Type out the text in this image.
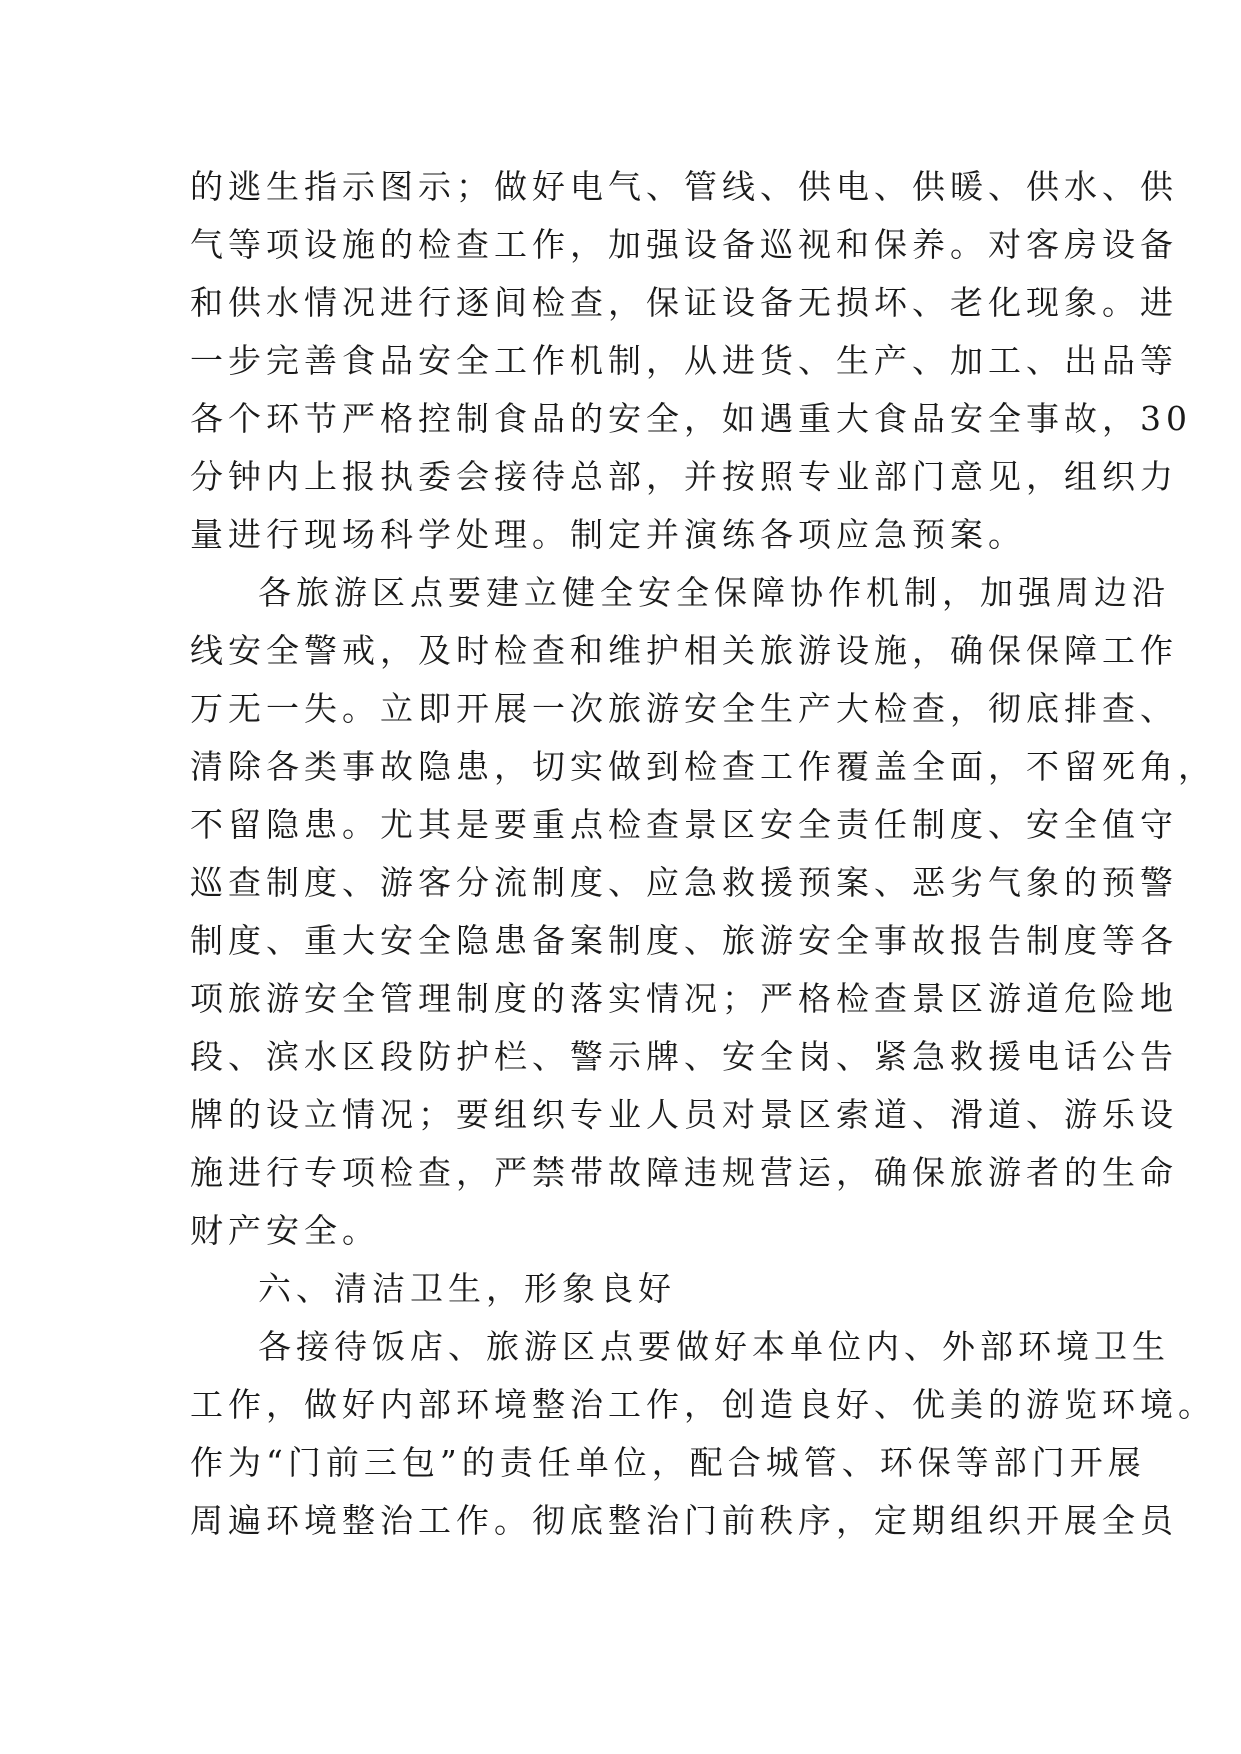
的逃生指示图示；做好电气、管线、供电、供暖、供水、供
气等项设施的检查工作，加强设备巡视和保养。对客房设备
和供水情况进行逐间检查，保证设备无损坏、老化现象。进
一步完善食品安全工作机制，从进货、生产、加工、出品等
各个环节严格控制食品的安全，如遇重大食品安全事故，30
分钟内上报执委会接待总部，并按照专业部门意见，组织力
量进行现场科学处理。制定并演练各项应急预案。
各旅游区点要建立健全安全保障协作机制，加强周边沿
线安全警戒，及时检查和维护相关旅游设施，确保保障工作
万无一失。立即开展一次旅游安全生产大检查，彻底排查、
清除各类事故隐患，切实做到检查工作覆盖全面，不留死角，
不留隐患。尤其是要重点检查景区安全责任制度、安全值守
巡查制度、游客分流制度、应急救援预案、恶劣气象的预警
制度、重大安全隐患备案制度、旅游安全事故报告制度等各
项旅游安全管理制度的落实情况；严格检查景区游道危险地
段、滨水区段防护栏、警示牌、安全岗、紧急救援电话公告
牌的设立情况；要组织专业人员对景区索道、滑道、游乐设
施进行专项检查，严禁带故障违规营运，确保旅游者的生命
财产安全。
六、清洁卫生，形象良好
各接待饭店、旅游区点要做好本单位内、外部环境卫生
工作，做好内部环境整治工作，创造良好、优美的游览环境。
作为“门前三包”的责任单位，配合城管、环保等部门开展
周遍环境整治工作。彻底整治门前秩序，定期组织开展全员
